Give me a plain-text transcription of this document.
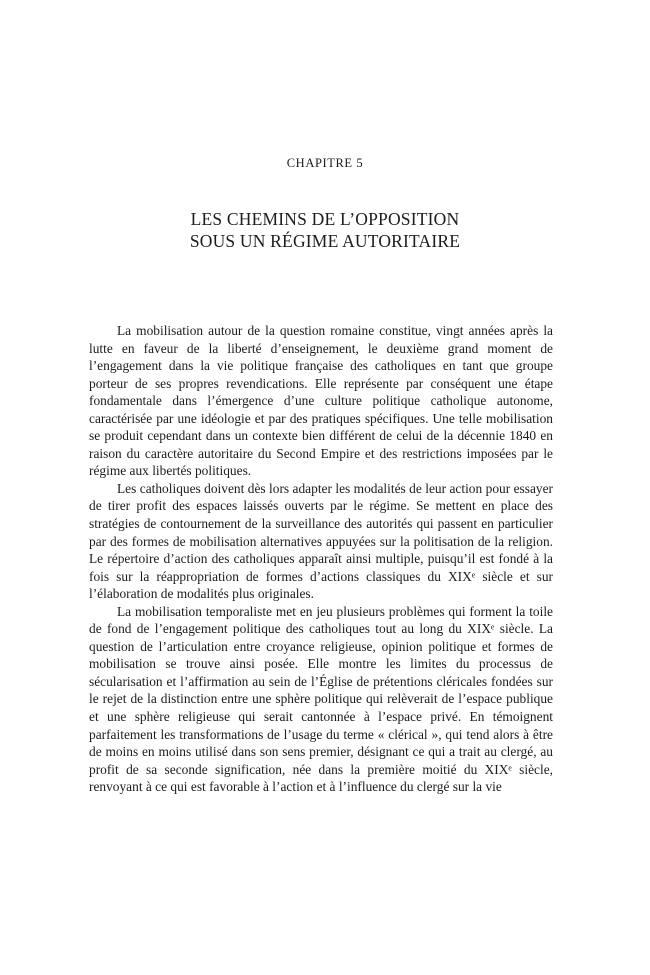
CHAPITRE 5
LES CHEMINS DE L’OPPOSITION
SOUS UN RÉGIME AUTORITAIRE

La mobilisation autour de la question romaine constitue, vingt années après la lutte en faveur de la liberté d’enseignement, le deuxième grand moment de l’engagement dans la vie politique française des catholiques en tant que groupe porteur de ses propres revendications. Elle représente par conséquent une étape fondamentale dans l’émergence d’une culture politique catholique autonome, caractérisée par une idéologie et par des pratiques spécifiques. Une telle mobilisation se produit cependant dans un contexte bien différent de celui de la décennie 1840 en raison du caractère autoritaire du Second Empire et des restrictions imposées par le régime aux libertés politiques.

Les catholiques doivent dès lors adapter les modalités de leur action pour essayer de tirer profit des espaces laissés ouverts par le régime. Se mettent en place des stratégies de contournement de la surveillance des autorités qui passent en particulier par des formes de mobilisation alternatives appuyées sur la politisation de la religion. Le répertoire d’action des catholiques apparaît ainsi multiple, puisqu’il est fondé à la fois sur la réappropriation de formes d’actions classiques du XIXᵉ siècle et sur l’élaboration de modalités plus originales.

La mobilisation temporaliste met en jeu plusieurs problèmes qui forment la toile de fond de l’engagement politique des catholiques tout au long du XIXᵉ siècle. La question de l’articulation entre croyance religieuse, opinion politique et formes de mobilisation se trouve ainsi posée. Elle montre les limites du processus de sécularisation et l’affirmation au sein de l’Église de prétentions cléricales fondées sur le rejet de la distinction entre une sphère politique qui relèverait de l’espace publique et une sphère religieuse qui serait cantonnée à l’espace privé. En témoignent parfaitement les transformations de l’usage du terme « clérical », qui tend alors à être de moins en moins utilisé dans son sens premier, désignant ce qui a trait au clergé, au profit de sa seconde signification, née dans la première moitié du XIXᵉ siècle, renvoyant à ce qui est favorable à l’action et à l’influence du clergé sur la vie
